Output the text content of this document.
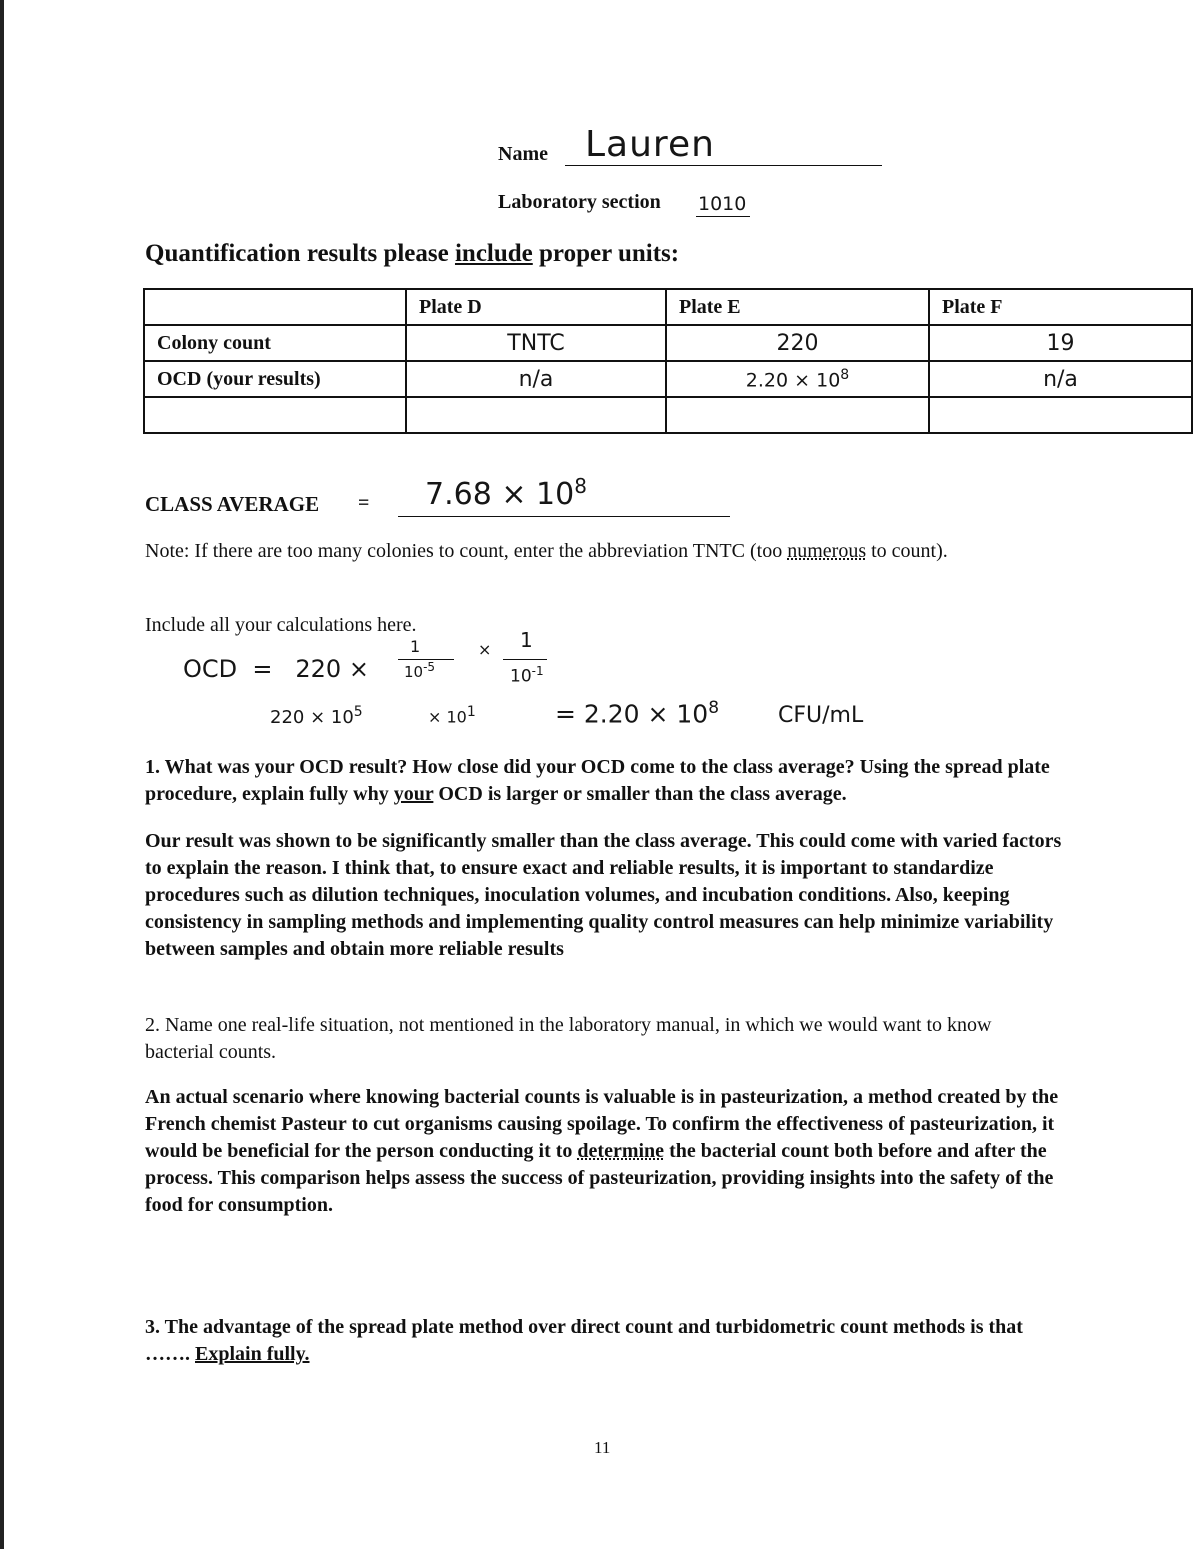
Name Lauren
Laboratory section 1010
Quantification results please include proper units:
	Plate D	Plate E	Plate F
Colony count	TNTC	220	19
OCD (your results)	n/a	$2.20 \times 10^8$	n/a

CLASS AVERAGE = $7.68 \times 10^8$
Note: If there are too many colonies to count, enter the abbreviation TNTC (too numerous to count).
Include all your calculations here.
OCD  =   220 ×
1
$10^{-5}$
× 1
$10^{-1}$
$220 \times 10^5$	× 101	= $2.20 \times 10^8$	CFU/mL
1. What was your OCD result? How close did your OCD come to the class average? Using the spread plate procedure, explain fully why your OCD is larger or smaller than the class average.
Our result was shown to be significantly smaller than the class average. This could come with varied factors to explain the reason. I think that, to ensure exact and reliable results, it is important to standardize procedures such as dilution techniques, inoculation volumes, and incubation conditions. Also, keeping consistency in sampling methods and implementing quality control measures can help minimize variability between samples and obtain more reliable results
2. Name one real-life situation, not mentioned in the laboratory manual, in which we would want to know bacterial counts.
An actual scenario where knowing bacterial counts is valuable is in pasteurization, a method created by the French chemist Pasteur to cut organisms causing spoilage. To confirm the effectiveness of pasteurization, it would be beneficial for the person conducting it to determine the bacterial count both before and after the process. This comparison helps assess the success of pasteurization, providing insights into the safety of the food for consumption.
3. The advantage of the spread plate method over direct count and turbidometric count methods is that ……. Explain fully.
11
